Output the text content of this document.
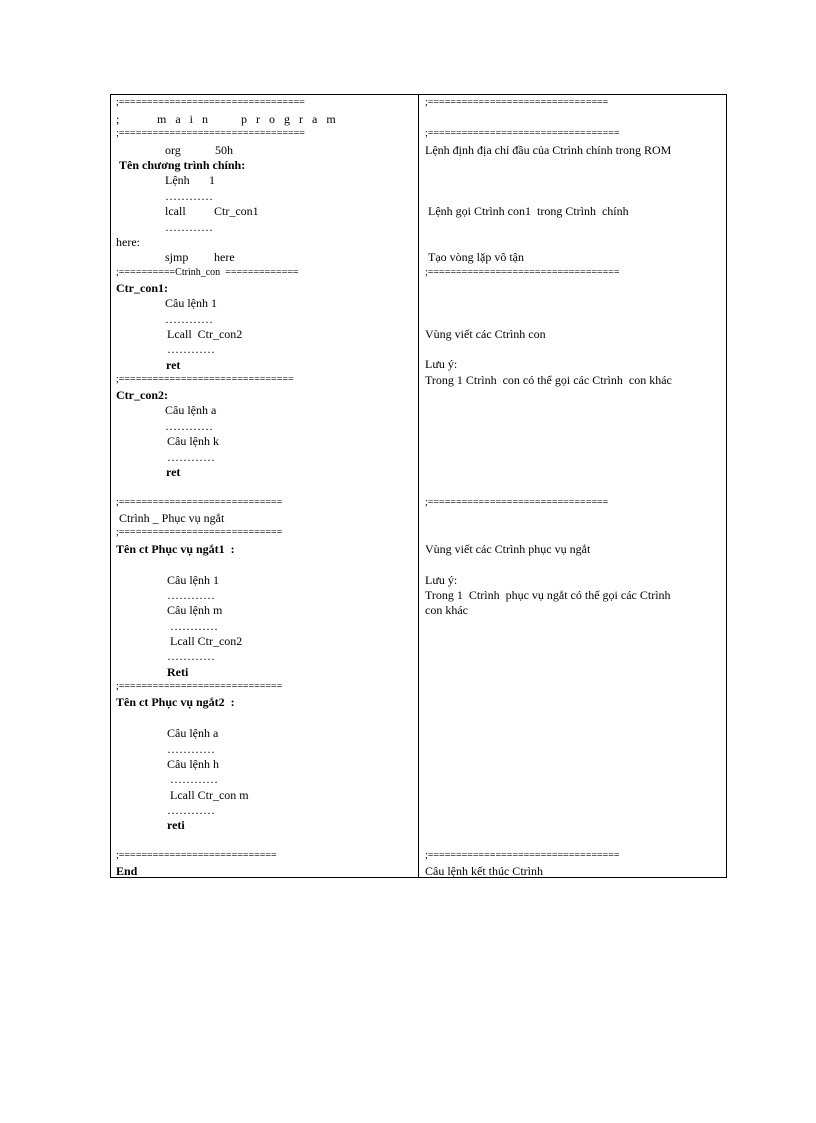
;=================================
;	m a i n     p r o g r a m
;=================================
org	50h
Tên chương trình chính:
Lệnh 1
…………
lcall Ctr_con1
…………
here:
sjmp here
;==========Ctrình_con  =============
Ctr_con1:
Câu lệnh 1
…………
Lcall  Ctr_con2
…………
ret
;===============================
Ctr_con2:
Câu lệnh a
…………
Câu lệnh k
…………
ret
;=============================
Ctrình _ Phục vụ ngắt
;=============================
Tên ct Phục vụ ngắt1  :
Câu lệnh 1
…………
Câu lệnh m
…………
Lcall Ctr_con2
…………
Reti
;=============================
Tên ct Phục vụ ngắt2  :
Câu lệnh a
…………
Câu lệnh h
…………
Lcall Ctr_con m
…………
reti
;============================
End
;================================
;==================================
Lệnh định địa chỉ đầu của Ctrình chính trong ROM
Lệnh gọi Ctrình con1  trong Ctrình  chính
Tạo vòng lặp vô tận
;==================================
Vùng viết các Ctrình con
Lưu ý:
Trong 1 Ctrình  con có thể gọi các Ctrình  con khác
;================================
Vùng viết các Ctrình phục vụ ngắt
Lưu ý:
Trong 1  Ctrình  phục vụ ngắt có thể gọi các Ctrình
con khác
;==================================
Câu lệnh kết thúc Ctrình
